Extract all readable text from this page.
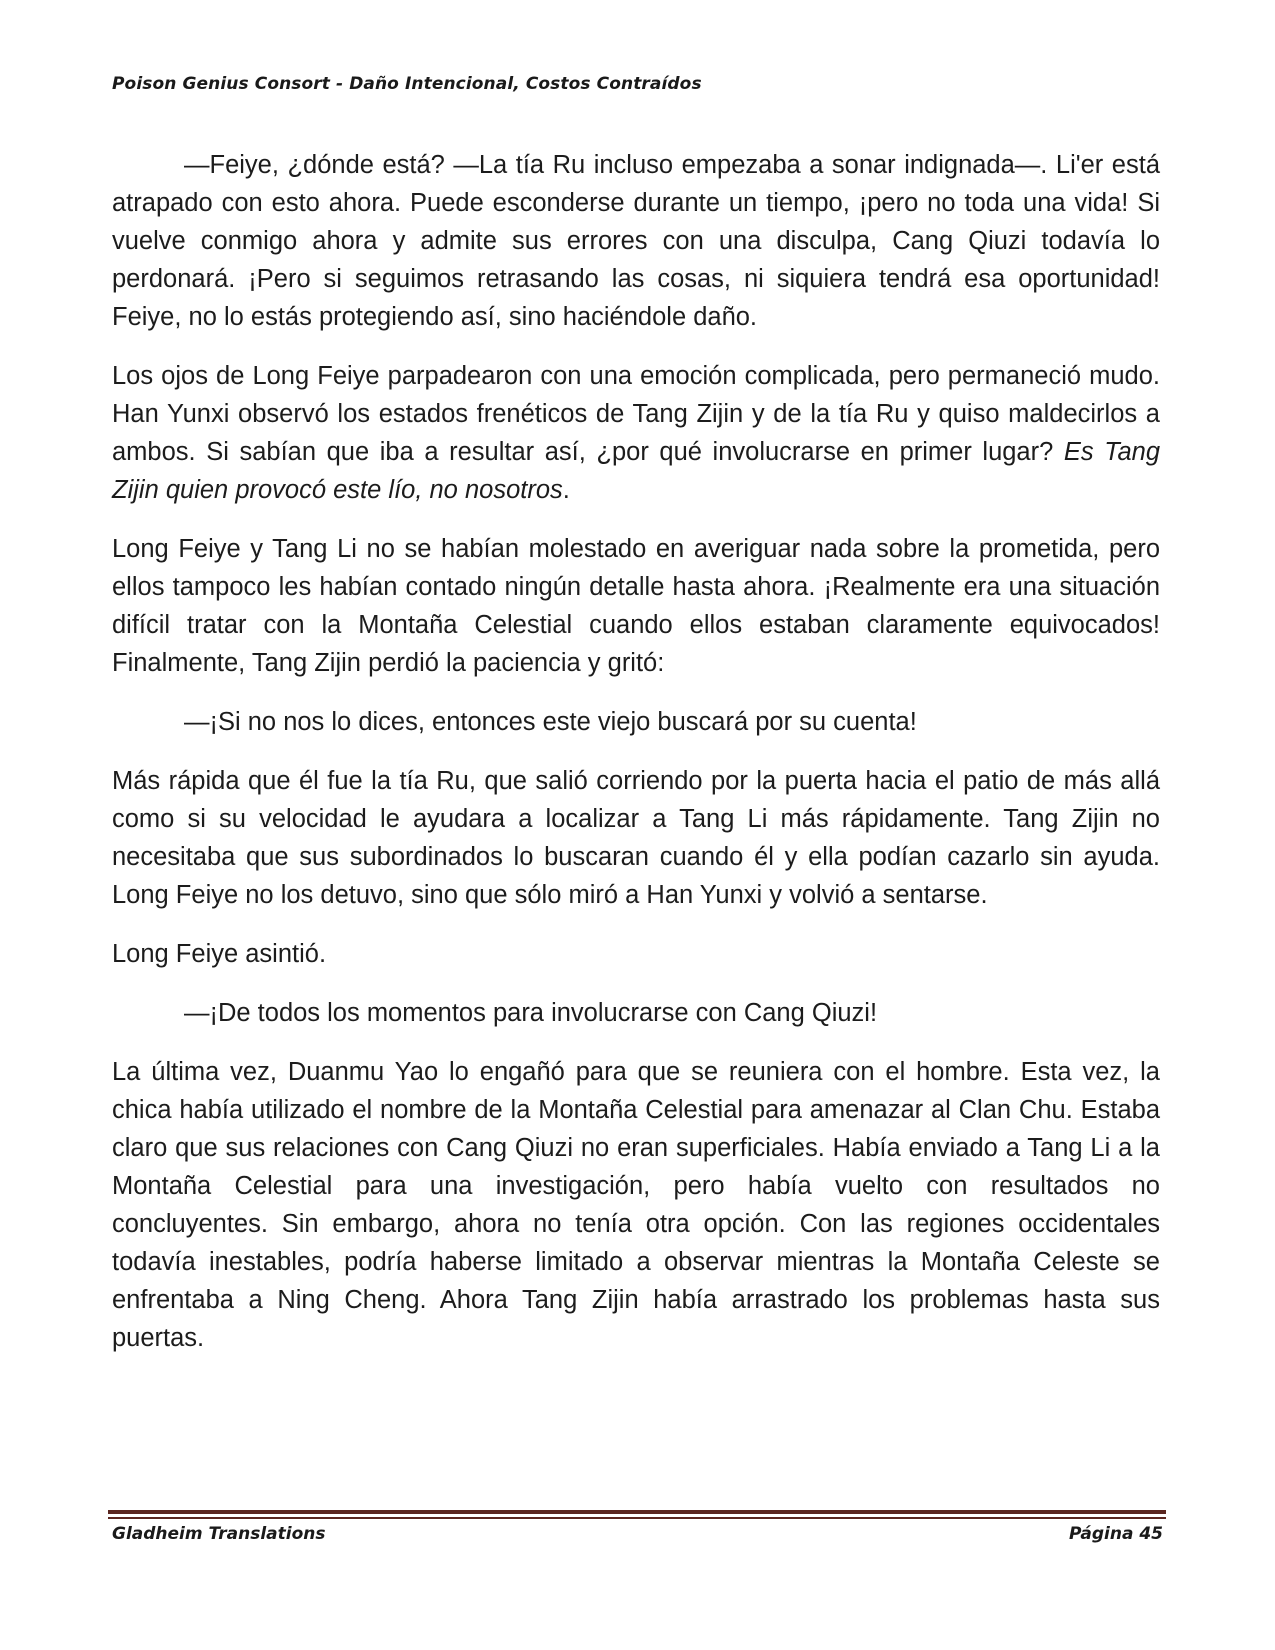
Poison Genius Consort - Daño Intencional, Costos Contraídos

—Feiye, ¿dónde está? —La tía Ru incluso empezaba a sonar indignada—. Li'er está atrapado con esto ahora. Puede esconderse durante un tiempo, ¡pero no toda una vida! Si vuelve conmigo ahora y admite sus errores con una disculpa, Cang Qiuzi todavía lo perdonará. ¡Pero si seguimos retrasando las cosas, ni siquiera tendrá esa oportunidad! Feiye, no lo estás protegiendo así, sino haciéndole daño.

Los ojos de Long Feiye parpadearon con una emoción complicada, pero permaneció mudo. Han Yunxi observó los estados frenéticos de Tang Zijin y de la tía Ru y quiso maldecirlos a ambos. Si sabían que iba a resultar así, ¿por qué involucrarse en primer lugar? Es Tang Zijin quien provocó este lío, no nosotros.

Long Feiye y Tang Li no se habían molestado en averiguar nada sobre la prometida, pero ellos tampoco les habían contado ningún detalle hasta ahora. ¡Realmente era una situación difícil tratar con la Montaña Celestial cuando ellos estaban claramente equivocados! Finalmente, Tang Zijin perdió la paciencia y gritó:

—¡Si no nos lo dices, entonces este viejo buscará por su cuenta!

Más rápida que él fue la tía Ru, que salió corriendo por la puerta hacia el patio de más allá como si su velocidad le ayudara a localizar a Tang Li más rápidamente. Tang Zijin no necesitaba que sus subordinados lo buscaran cuando él y ella podían cazarlo sin ayuda. Long Feiye no los detuvo, sino que sólo miró a Han Yunxi y volvió a sentarse.

Long Feiye asintió.

—¡De todos los momentos para involucrarse con Cang Qiuzi!

La última vez, Duanmu Yao lo engañó para que se reuniera con el hombre. Esta vez, la chica había utilizado el nombre de la Montaña Celestial para amenazar al Clan Chu. Estaba claro que sus relaciones con Cang Qiuzi no eran superficiales. Había enviado a Tang Li a la Montaña Celestial para una investigación, pero había vuelto con resultados no concluyentes. Sin embargo, ahora no tenía otra opción. Con las regiones occidentales todavía inestables, podría haberse limitado a observar mientras la Montaña Celeste se enfrentaba a Ning Cheng. Ahora Tang Zijin había arrastrado los problemas hasta sus puertas.

Gladheim Translations	Página 45
